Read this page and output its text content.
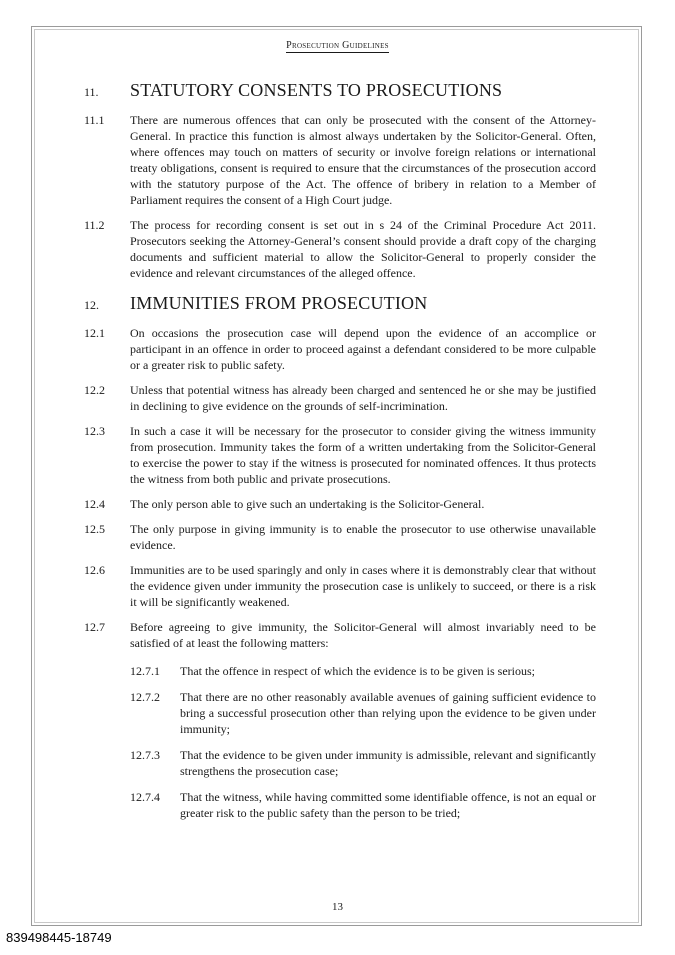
Prosecution Guidelines
11.	STATUTORY CONSENTS TO PROSECUTIONS
11.1	There are numerous offences that can only be prosecuted with the consent of the Attorney-General. In practice this function is almost always undertaken by the Solicitor-General. Often, where offences may touch on matters of security or involve foreign relations or international treaty obligations, consent is required to ensure that the circumstances of the prosecution accord with the statutory purpose of the Act. The offence of bribery in relation to a Member of Parliament requires the consent of a High Court judge.
11.2	The process for recording consent is set out in s 24 of the Criminal Procedure Act 2011. Prosecutors seeking the Attorney-General’s consent should provide a draft copy of the charging documents and sufficient material to allow the Solicitor-General to properly consider the evidence and relevant circumstances of the alleged offence.
12.	IMMUNITIES FROM PROSECUTION
12.1	On occasions the prosecution case will depend upon the evidence of an accomplice or participant in an offence in order to proceed against a defendant considered to be more culpable or a greater risk to public safety.
12.2	Unless that potential witness has already been charged and sentenced he or she may be justified in declining to give evidence on the grounds of self-incrimination.
12.3	In such a case it will be necessary for the prosecutor to consider giving the witness immunity from prosecution. Immunity takes the form of a written undertaking from the Solicitor-General to exercise the power to stay if the witness is prosecuted for nominated offences. It thus protects the witness from both public and private prosecutions.
12.4	The only person able to give such an undertaking is the Solicitor-General.
12.5	The only purpose in giving immunity is to enable the prosecutor to use otherwise unavailable evidence.
12.6	Immunities are to be used sparingly and only in cases where it is demonstrably clear that without the evidence given under immunity the prosecution case is unlikely to succeed, or there is a risk it will be significantly weakened.
12.7	Before agreeing to give immunity, the Solicitor-General will almost invariably need to be satisfied of at least the following matters:
12.7.1	That the offence in respect of which the evidence is to be given is serious;
12.7.2	That there are no other reasonably available avenues of gaining sufficient evidence to bring a successful prosecution other than relying upon the evidence to be given under immunity;
12.7.3	That the evidence to be given under immunity is admissible, relevant and significantly strengthens the prosecution case;
12.7.4	That the witness, while having committed some identifiable offence, is not an equal or greater risk to the public safety than the person to be tried;
13
839498445-18749
